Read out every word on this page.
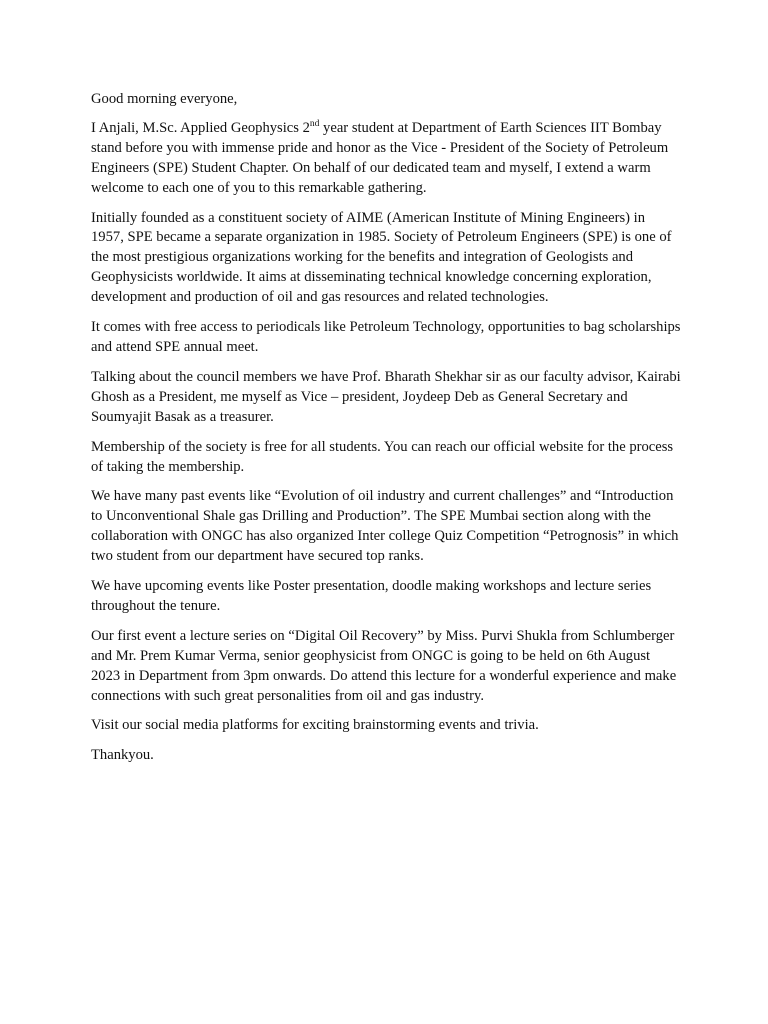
Good morning everyone,

I Anjali, M.Sc. Applied Geophysics 2nd year student at Department of Earth Sciences IIT Bombay stand before you with immense pride and honor as the Vice - President of the Society of Petroleum Engineers (SPE) Student Chapter. On behalf of our dedicated team and myself, I extend a warm welcome to each one of you to this remarkable gathering.

Initially founded as a constituent society of AIME (American Institute of Mining Engineers) in 1957, SPE became a separate organization in 1985. Society of Petroleum Engineers (SPE) is one of the most prestigious organizations working for the benefits and integration of Geologists and Geophysicists worldwide. It aims at disseminating technical knowledge concerning exploration, development and production of oil and gas resources and related technologies.

It comes with free access to periodicals like Petroleum Technology, opportunities to bag scholarships and attend SPE annual meet.

Talking about the council members we have Prof. Bharath Shekhar sir as our faculty advisor, Kairabi Ghosh as a President, me myself as Vice – president, Joydeep Deb as General Secretary and Soumyajit Basak as a treasurer.

Membership of the society is free for all students. You can reach our official website for the process of taking the membership.

We have many past events like “Evolution of oil industry and current challenges” and “Introduction to Unconventional Shale gas Drilling and Production”. The SPE Mumbai section along with the collaboration with ONGC has also organized Inter college Quiz Competition “Petrognosis” in which two student from our department have secured top ranks.

We have upcoming events like Poster presentation, doodle making workshops and lecture series throughout the tenure.

Our first event a lecture series on “Digital Oil Recovery” by Miss. Purvi Shukla from Schlumberger and Mr. Prem Kumar Verma, senior geophysicist from ONGC is going to be held on 6th August 2023 in Department from 3pm onwards. Do attend this lecture for a wonderful experience and make connections with such great personalities from oil and gas industry.

Visit our social media platforms for exciting brainstorming events and trivia.

Thankyou.
